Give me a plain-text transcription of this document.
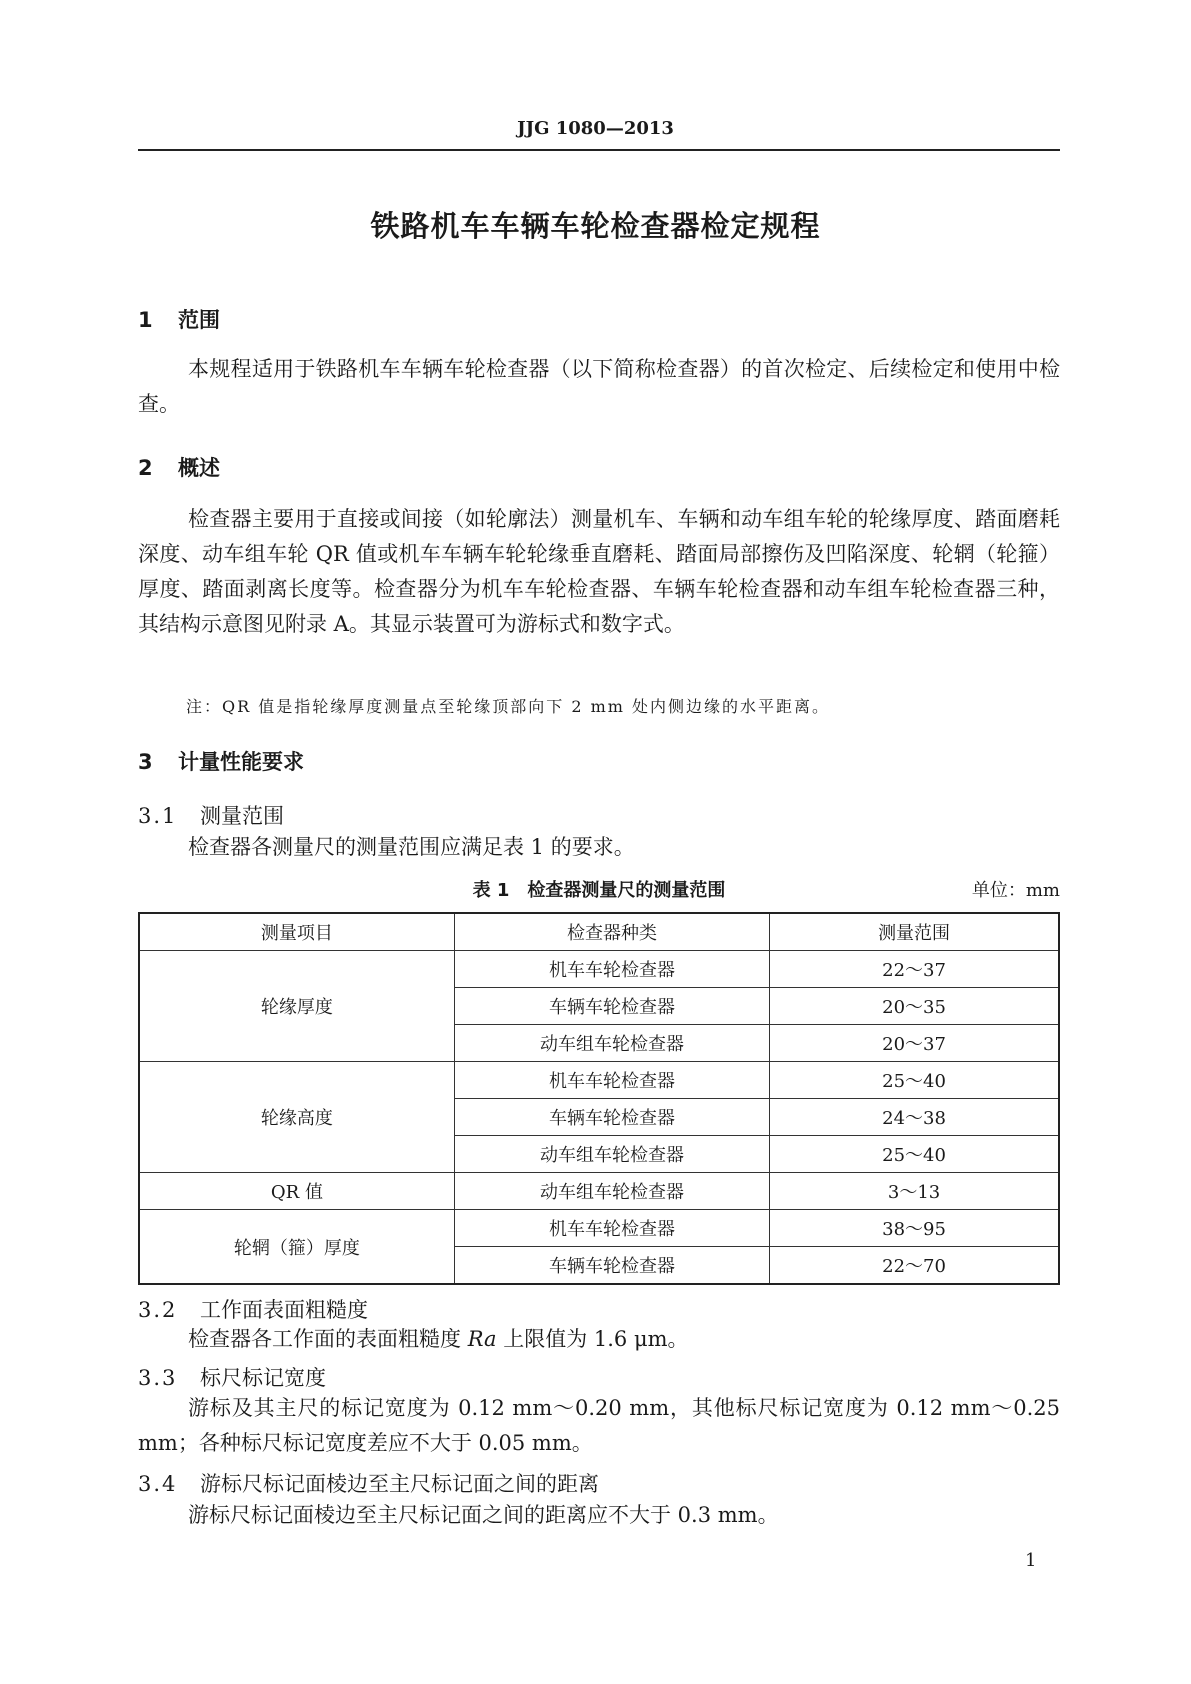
JJG 1080—2013
铁路机车车辆车轮检查器检定规程
1 范围
本规程适用于铁路机车车辆车轮检查器（以下简称检查器）的首次检定、后续检定和使用中检查。
2 概述
检查器主要用于直接或间接（如轮廓法）测量机车、车辆和动车组车轮的轮缘厚度、踏面磨耗深度、动车组车轮 QR 值或机车车辆车轮轮缘垂直磨耗、踏面局部擦伤及凹陷深度、轮辋（轮箍）厚度、踏面剥离长度等。检查器分为机车车轮检查器、车辆车轮检查器和动车组车轮检查器三种，其结构示意图见附录 A。其显示装置可为游标式和数字式。
注：QR 值是指轮缘厚度测量点至轮缘顶部向下 2 mm 处内侧边缘的水平距离。
3 计量性能要求
3.1 测量范围
检查器各测量尺的测量范围应满足表 1 的要求。
表 1　检查器测量尺的测量范围	单位：mm

测量项目	检查器种类	测量范围
轮缘厚度	机车车轮检查器	22～37
	车辆车轮检查器	20～35
	动车组车轮检查器	20～37
轮缘高度	机车车轮检查器	25～40
	车辆车轮检查器	24～38
	动车组车轮检查器	25～40
QR 值	动车组车轮检查器	3～13
轮辋（箍）厚度	机车车轮检查器	38～95
	车辆车轮检查器	22～70
3.2 工作面表面粗糙度
检查器各工作面的表面粗糙度 Ra 上限值为 1.6 μm。
3.3 标尺标记宽度
游标及其主尺的标记宽度为 0.12 mm～0.20 mm，其他标尺标记宽度为 0.12 mm～0.25 mm；各种标尺标记宽度差应不大于 0.05 mm。
3.4 游标尺标记面棱边至主尺标记面之间的距离
游标尺标记面棱边至主尺标记面之间的距离应不大于 0.3 mm。
1
